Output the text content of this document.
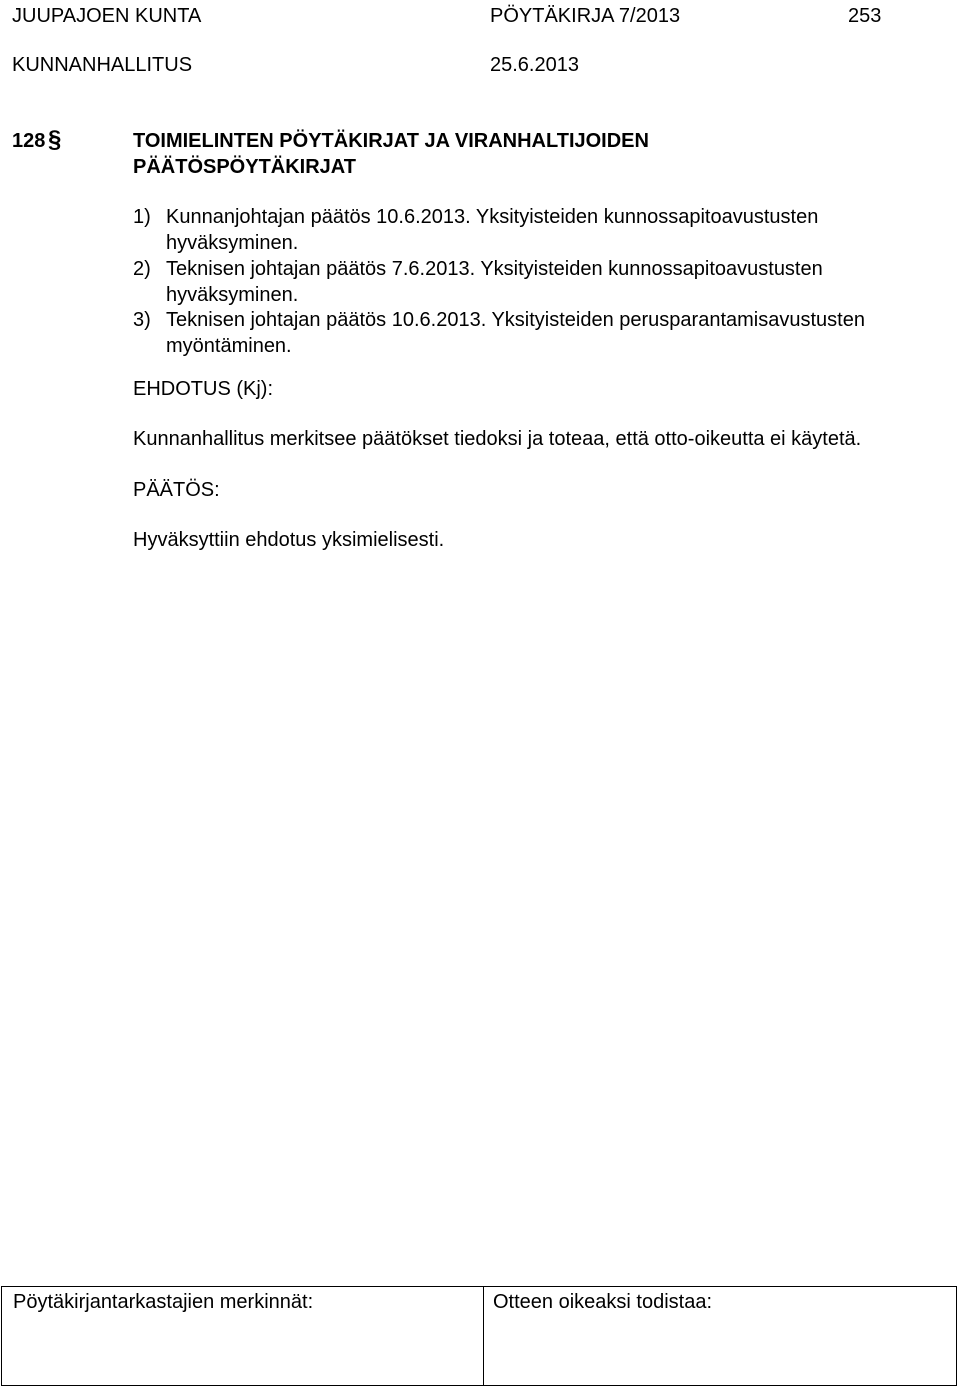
JUUPAJOEN KUNTA	PÖYTÄKIRJA 7/2013	253
KUNNANHALLITUS	25.6.2013
128 §	TOIMIELINTEN PÖYTÄKIRJAT JA VIRANHALTIJOIDEN
PÄÄTÖSPÖYTÄKIRJAT
1) Kunnanjohtajan päätös 10.6.2013. Yksityisteiden kunnossapitoavustusten hyväksyminen.
2) Teknisen johtajan päätös 7.6.2013. Yksityisteiden kunnossapitoavustusten hyväksyminen.
3) Teknisen johtajan päätös 10.6.2013. Yksityisteiden perusparantamisavustusten myöntäminen.
EHDOTUS (Kj):
Kunnanhallitus merkitsee päätökset tiedoksi ja toteaa, että otto-oikeutta ei käytetä.
PÄÄTÖS:
Hyväksyttiin ehdotus yksimielisesti.
Pöytäkirjantarkastajien merkinnät:	Otteen oikeaksi todistaa:
